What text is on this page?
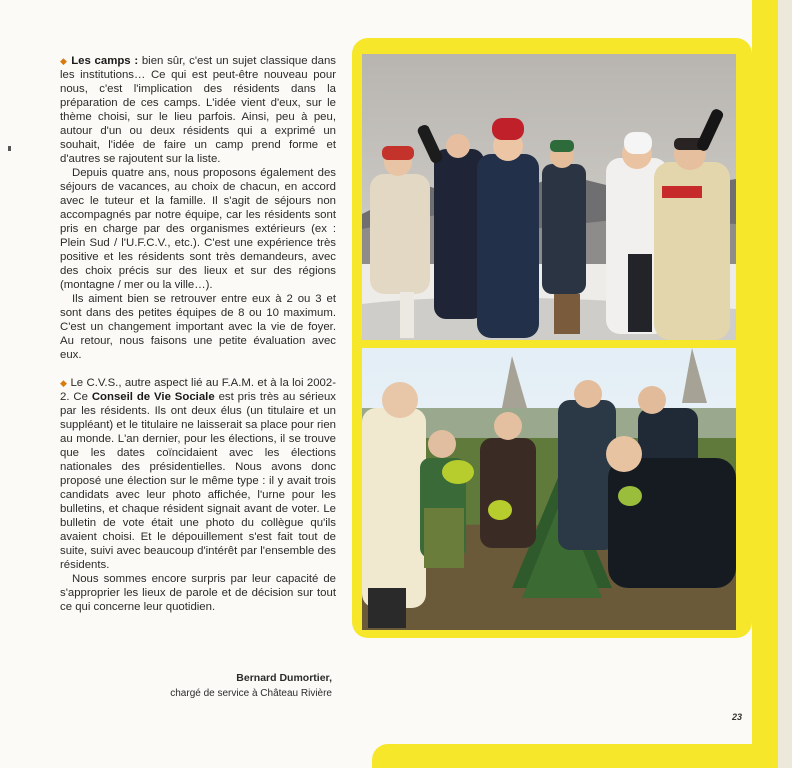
◆ Les camps : bien sûr, c'est un sujet classique dans les institutions… Ce qui est peut-être nouveau pour nous, c'est l'implication des résidents dans la préparation de ces camps. L'idée vient d'eux, sur le thème choisi, sur le lieu parfois. Ainsi, peu à peu, autour d'un ou deux résidents qui a exprimé un souhait, l'idée de faire un camp prend forme et d'autres se rajoutent sur la liste.

Depuis quatre ans, nous proposons également des séjours de vacances, au choix de chacun, en accord avec le tuteur et la famille. Il s'agit de séjours non accompagnés par notre équipe, car les résidents sont pris en charge par des organismes extérieurs (ex : Plein Sud / l'U.F.C.V., etc.). C'est une expérience très positive et les résidents sont très demandeurs, avec des choix précis sur des lieux et sur des régions (montagne / mer ou la ville…).

Ils aiment bien se retrouver entre eux à 2 ou 3 et sont dans des petites équipes de 8 ou 10 maximum. C'est un changement important avec la vie de foyer. Au retour, nous faisons une petite évaluation avec eux.

◆ Le C.V.S., autre aspect lié au F.A.M. et à la loi 2002-2. Ce Conseil de Vie Sociale est pris très au sérieux par les résidents. Ils ont deux élus (un titulaire et un suppléant) et le titulaire ne laisserait sa place pour rien au monde. L'an dernier, pour les élections, il se trouve que les dates coïncidaient avec les élections nationales des présidentielles. Nous avons donc proposé une élection sur le même type : il y avait trois candidats avec leur photo affichée, l'urne pour les bulletins, et chaque résident signait avant de voter. Le bulletin de vote était une photo du collègue qu'ils avaient choisi. Et le dépouillement s'est fait tout de suite, suivi avec beaucoup d'intérêt par l'ensemble des résidents.

Nous sommes encore surpris par leur capacité de s'approprier les lieux de parole et de décision sur tout ce qui concerne leur quotidien.

Bernard Dumortier,
chargé de service à Château Rivière
23
